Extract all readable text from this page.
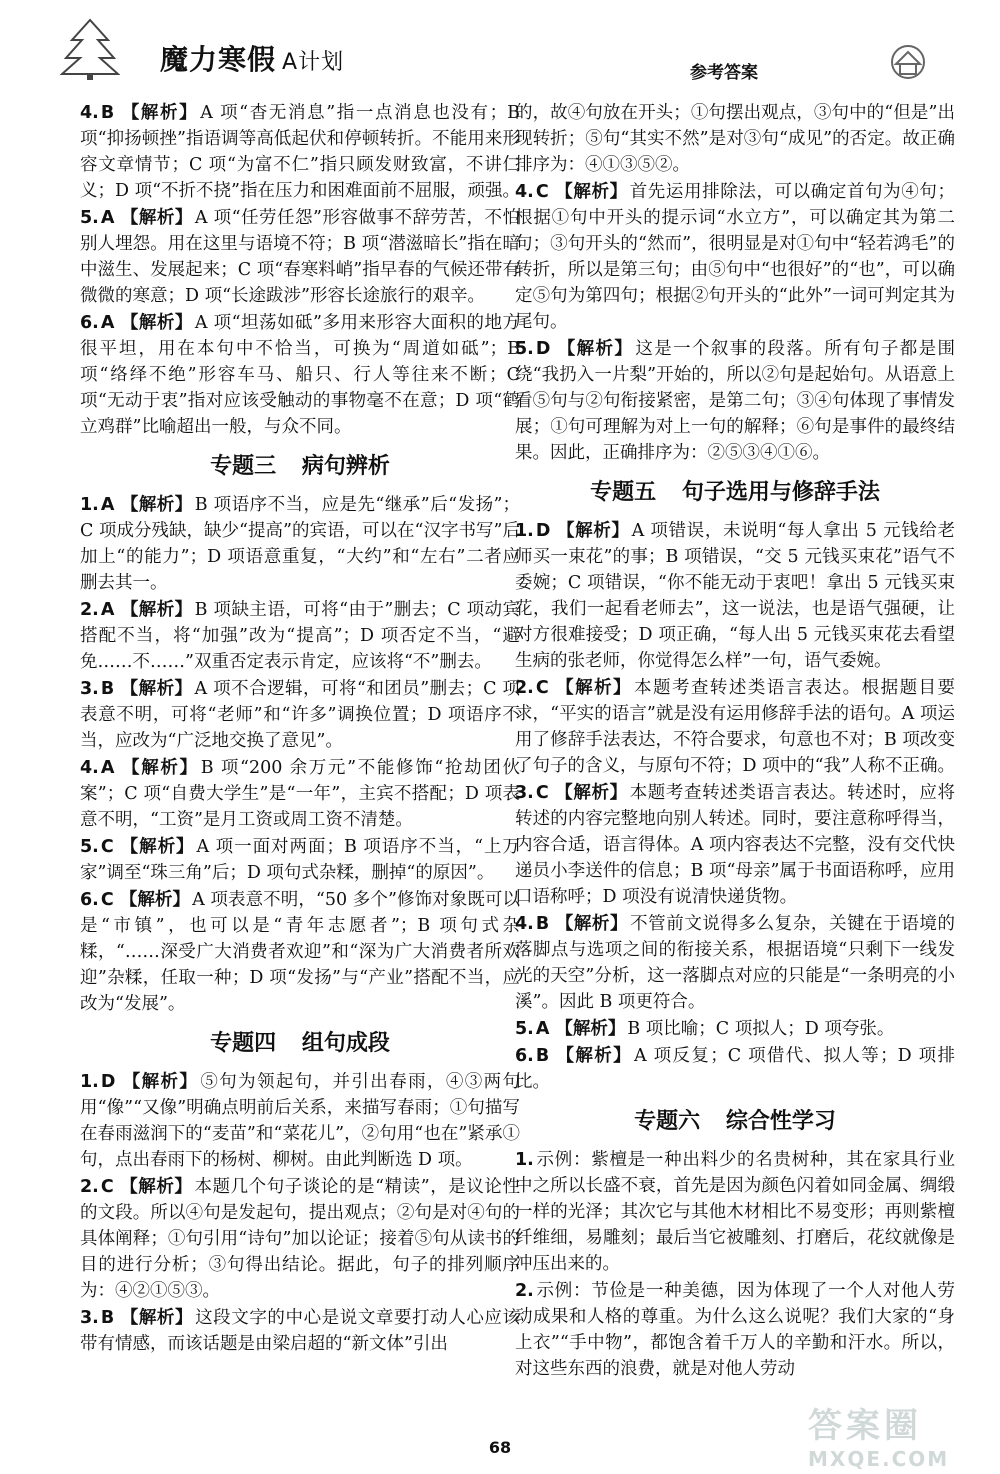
魔力寒假 A计划	参考答案
4. B 【解析】 A 项“杳无消息”指一点消息也没有；B 项“抑扬顿挫”指语调等高低起伏和停顿转折。不能用来形容文章情节；C 项“为富不仁”指只顾发财致富，不讲仁义；D 项“不折不挠”指在压力和困难面前不屈服，顽强。
5. A 【解析】 A 项“任劳任怨”形容做事不辞劳苦，不怕别人埋怨。用在这里与语境不符；B 项“潜滋暗长”指在暗中滋生、发展起来；C 项“春寒料峭”指早春的气候还带有微微的寒意；D 项“长途跋涉”形容长途旅行的艰辛。
6. A 【解析】 A 项“坦荡如砥”多用来形容大面积的地方很平坦，用在本句中不恰当，可换为“周道如砥”；B 项“络绎不绝”形容车马、船只、行人等往来不断；C 项“无动于衷”指对应该受触动的事物毫不在意；D 项“鹤立鸡群”比喻超出一般，与众不同。
专题三 病句辨析
1. A 【解析】 B 项语序不当，应是先“继承”后“发扬”；C 项成分残缺，缺少“提高”的宾语，可以在“汉字书写”后加上“的能力”；D 项语意重复，“大约”和“左右”二者应删去其一。
2. A 【解析】 B 项缺主语，可将“由于”删去；C 项动宾搭配不当，将“加强”改为“提高”；D 项否定不当，“避免……不……”双重否定表示肯定，应该将“不”删去。
3. B 【解析】 A 项不合逻辑，可将“和团员”删去；C 项表意不明，可将“老师”和“许多”调换位置；D 项语序不当，应改为“广泛地交换了意见”。
4. A 【解析】 B 项“200 余万元”不能修饰“抢劫团伙案”；C 项“自费大学生”是“一年”，主宾不搭配；D 项表意不明，“工资”是月工资或周工资不清楚。
5. C 【解析】 A 项一面对两面；B 项语序不当，“上万家”调至“珠三角”后；D 项句式杂糅，删掉“的原因”。
6. C 【解析】 A 项表意不明，“50 多个”修饰对象既可以是“市镇”，也可以是“青年志愿者”；B 项句式杂糅，“……深受广大消费者欢迎”和“深为广大消费者所欢迎”杂糅，任取一种；D 项“发扬”与“产业”搭配不当，应改为“发展”。
专题四 组句成段
1. D 【解析】 ⑤句为领起句，并引出春雨，④③两句用“像”“又像”明确点明前后关系，来描写春雨；①句描写在春雨滋润下的“麦苗”和“菜花儿”，②句用“也在”紧承①句，点出春雨下的杨树、柳树。由此判断选 D 项。
2. C 【解析】 本题几个句子谈论的是“精读”，是议论性的文段。所以④句是发起句，提出观点；②句是对④句的具体阐释；①句引用“诗句”加以论证；接着⑤句从读书的目的进行分析；③句得出结论。据此，句子的排列顺序为：④②①⑤③。
3. B 【解析】 这段文字的中心是说文章要打动人心应该带有情感，而该话题是由梁启超的“新文体”引出
的，故④句放在开头；①句摆出观点，③句中的“但是”出现转折；⑤句“其实不然”是对③句“成见”的否定。故正确排序为：④①③⑤②。
4. C 【解析】 首先运用排除法，可以确定首句为④句；根据①句中开头的提示词“水立方”，可以确定其为第二句；③句开头的“然而”，很明显是对①句中“轻若鸿毛”的转折，所以是第三句；由⑤句中“也很好”的“也”，可以确定⑤句为第四句；根据②句开头的“此外”一词可判定其为尾句。
5. D 【解析】 这是一个叙事的段落。所有句子都是围绕“我扔入一片梨”开始的，所以②句是起始句。从语意上看⑤句与②句衔接紧密，是第二句；③④句体现了事情发展；①句可理解为对上一句的解释；⑥句是事件的最终结果。因此，正确排序为：②⑤③④①⑥。
专题五 句子选用与修辞手法
1. D 【解析】 A 项错误，未说明“每人拿出 5 元钱给老师买一束花”的事；B 项错误，“交 5 元钱买束花”语气不委婉；C 项错误，“你不能无动于衷吧！拿出 5 元钱买束花，我们一起看老师去”，这一说法，也是语气强硬，让对方很难接受；D 项正确，“每人出 5 元钱买束花去看望生病的张老师，你觉得怎么样”一句，语气委婉。
2. C 【解析】 本题考查转述类语言表达。根据题目要求，“平实的语言”就是没有运用修辞手法的语句。A 项运用了修辞手法表达，不符合要求，句意也不对；B 项改变了句子的含义，与原句不符；D 项中的“我”人称不正确。
3. C 【解析】 本题考查转述类语言表达。转述时，应将转述的内容完整地向别人转述。同时，要注意称呼得当，内容合适，语言得体。A 项内容表达不完整，没有交代快递员小李送件的信息；B 项“母亲”属于书面语称呼，应用口语称呼；D 项没有说清快递货物。
4. B 【解析】 不管前文说得多么复杂，关键在于语境的落脚点与选项之间的衔接关系，根据语境“只剩下一线发光的天空”分析，这一落脚点对应的只能是“一条明亮的小溪”。因此 B 项更符合。
5. A 【解析】 B 项比喻；C 项拟人；D 项夸张。
6. B 【解析】 A 项反复；C 项借代、拟人等；D 项排比。
专题六 综合性学习
1. 示例：紫檀是一种出料少的名贵树种，其在家具行业中之所以长盛不衰，首先是因为颜色闪着如同金属、绸缎一样的光泽；其次它与其他木材相比不易变形；再则紫檀纤维细，易雕刻；最后当它被雕刻、打磨后，花纹就像是冲压出来的。
2. 示例：节俭是一种美德，因为体现了一个人对他人劳动成果和人格的尊重。为什么这么说呢？我们大家的“身上衣”“手中物”，都饱含着千万人的辛勤和汗水。所以，对这些东西的浪费，就是对他人劳动
68
答案圈
MXQE.COM
